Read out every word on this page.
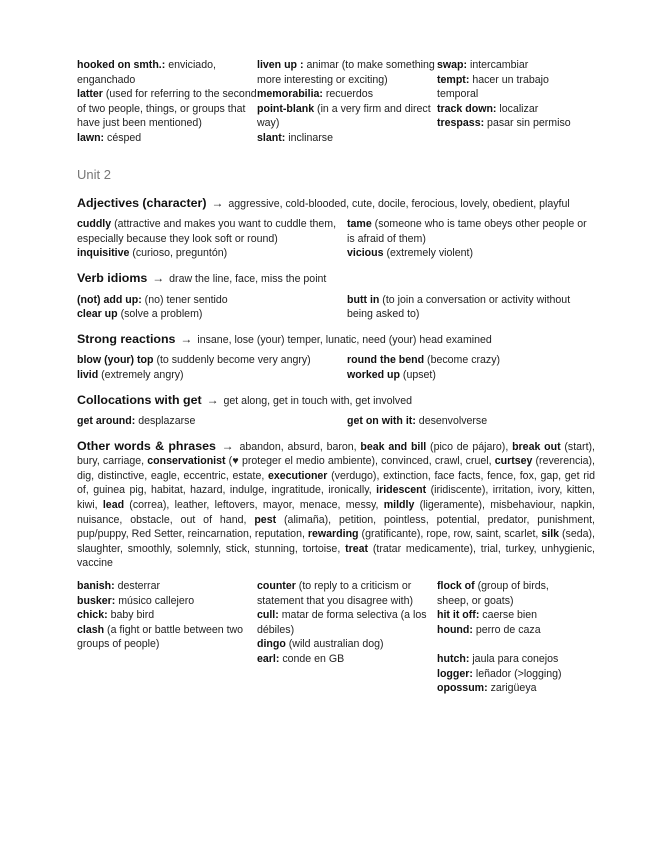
hooked on smth.: enviciado, enganchado
latter (used for referring to the second of two people, things, or groups that have just been mentioned)
lawn: césped
liven up : animar (to make something more interesting or exciting)
memorabilia: recuerdos
point-blank (in a very firm and direct way)
slant: inclinarse
swap: intercambiar
tempt: hacer un trabajo temporal
track down: localizar
trespass: pasar sin permiso
Unit 2

Adjectives (character) → aggressive, cold-blooded, cute, docile, ferocious, lovely, obedient, playful

cuddly (attractive and makes you want to cuddle them, especially because they look soft or round)
inquisitive (curioso, preguntón)
tame (someone who is tame obeys other people or is afraid of them)
vicious (extremely violent)

Verb idioms → draw the line, face, miss the point

(not) add up: (no) tener sentido
clear up (solve a problem)
butt in (to join a conversation or activity without being asked to)

Strong reactions → insane, lose (your) temper, lunatic, need (your) head examined

blow (your) top (to suddenly become very angry)
livid (extremely angry)
round the bend (become crazy)
worked up (upset)

Collocations with get → get along, get in touch with, get involved

get around: desplazarse	get on with it: desenvolverse

Other words & phrases → abandon, absurd, baron, beak and bill (pico de pájaro), break out (start), bury, carriage, conservationist (♥ proteger el medio ambiente), convinced, crawl, cruel, curtsey (reverencia), dig, distinctive, eagle, eccentric, estate, executioner (verdugo), extinction, face facts, fence, fox, gap, get rid of, guinea pig, habitat, hazard, indulge, ingratitude, ironically, iridescent (iridiscente), irritation, ivory, kitten, kiwi, lead (correa), leather, leftovers, mayor, menace, messy, mildly (ligeramente), misbehaviour, napkin, nuisance, obstacle, out of hand, pest (alimaña), petition, pointless, potential, predator, punishment, pup/puppy, Red Setter, reincarnation, reputation, rewarding (gratificante), rope, row, saint, scarlet, silk (seda), slaughter, smoothly, solemnly, stick, stunning, tortoise, treat (tratar medicamente), trial, turkey, unhygienic, vaccine

banish: desterrar
busker: músico callejero
chick: baby bird
clash (a fight or battle between two groups of people)
counter (to reply to a criticism or statement that you disagree with)
cull: matar de forma selectiva (a los débiles)
dingo (wild australian dog)
earl: conde en GB
flock of (group of birds, sheep, or goats)
hit it off: caerse bien
hound: perro de caza
hutch: jaula para conejos
logger: leñador (>logging)
opossum: zarigüeya
